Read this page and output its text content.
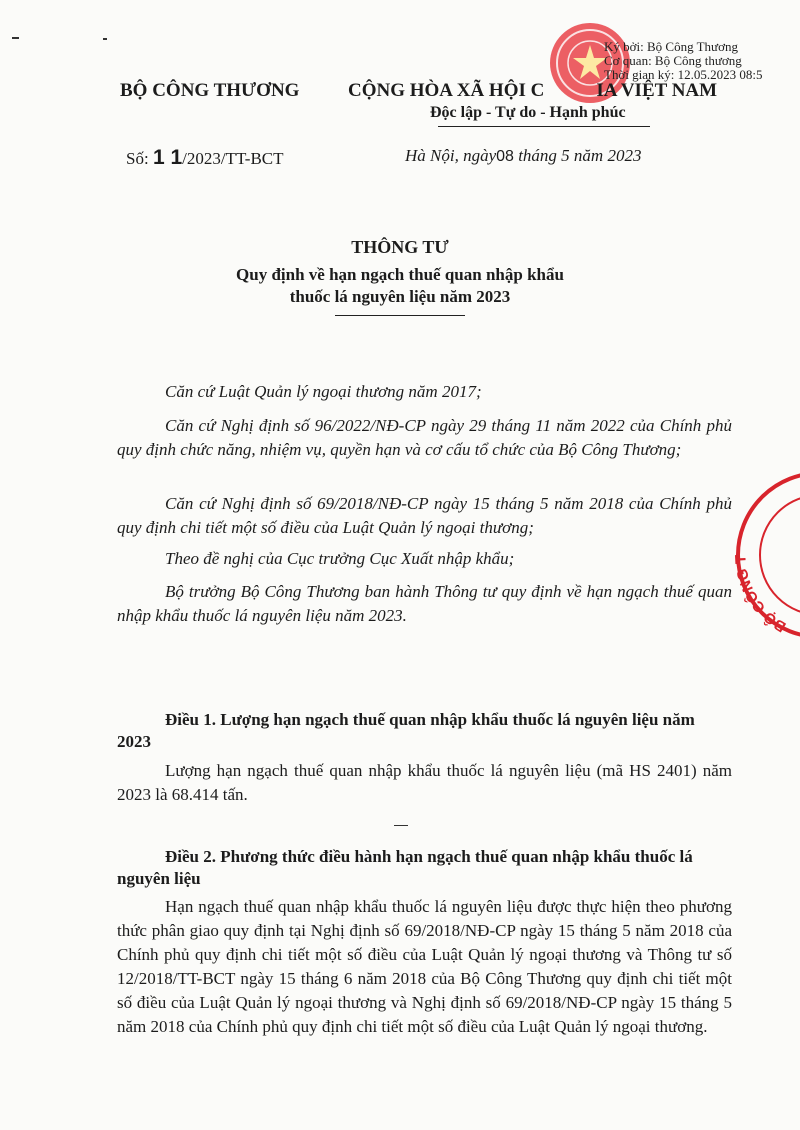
BỘ CÔNG T
Ký bởi: Bộ Công Thương
Cơ quan: Bộ Công thương
Thời gian ký: 12.05.2023 08:5
BỘ CÔNG THƯƠNG	CỘNG HÒA XÃ HỘI C	IA VIỆT NAM
Độc lập - Tự do - Hạnh phúc
Số: 1 1/2023/TT-BCT	Hà Nội, ngày08 tháng 5 năm 2023
THÔNG TƯ
Quy định về hạn ngạch thuế quan nhập khẩu
thuốc lá nguyên liệu năm 2023
Căn cứ Luật Quản lý ngoại thương năm 2017;
Căn cứ Nghị định số 96/2022/NĐ-CP ngày 29 tháng 11 năm 2022 của Chính phủ quy định chức năng, nhiệm vụ, quyền hạn và cơ cấu tổ chức của Bộ Công Thương;
Căn cứ Nghị định số 69/2018/NĐ-CP ngày 15 tháng 5 năm 2018 của Chính phủ quy định chi tiết một số điều của Luật Quản lý ngoại thương;
Theo đề nghị của Cục trưởng Cục Xuất nhập khẩu;
Bộ trưởng Bộ Công Thương ban hành Thông tư quy định về hạn ngạch thuế quan nhập khẩu thuốc lá nguyên liệu năm 2023.
Điều 1. Lượng hạn ngạch thuế quan nhập khẩu thuốc lá nguyên liệu năm 2023
Lượng hạn ngạch thuế quan nhập khẩu thuốc lá nguyên liệu (mã HS 2401) năm 2023 là 68.414 tấn.
Điều 2. Phương thức điều hành hạn ngạch thuế quan nhập khẩu thuốc lá nguyên liệu
Hạn ngạch thuế quan nhập khẩu thuốc lá nguyên liệu được thực hiện theo phương thức phân giao quy định tại Nghị định số 69/2018/NĐ-CP ngày 15 tháng 5 năm 2018 của Chính phủ quy định chi tiết một số điều của Luật Quản lý ngoại thương và Thông tư số 12/2018/TT-BCT ngày 15 tháng 6 năm 2018 của Bộ Công Thương quy định chi tiết một số điều của Luật Quản lý ngoại thương và Nghị định số 69/2018/NĐ-CP ngày 15 tháng 5 năm 2018 của Chính phủ quy định chi tiết một số điều của Luật Quản lý ngoại thương.
